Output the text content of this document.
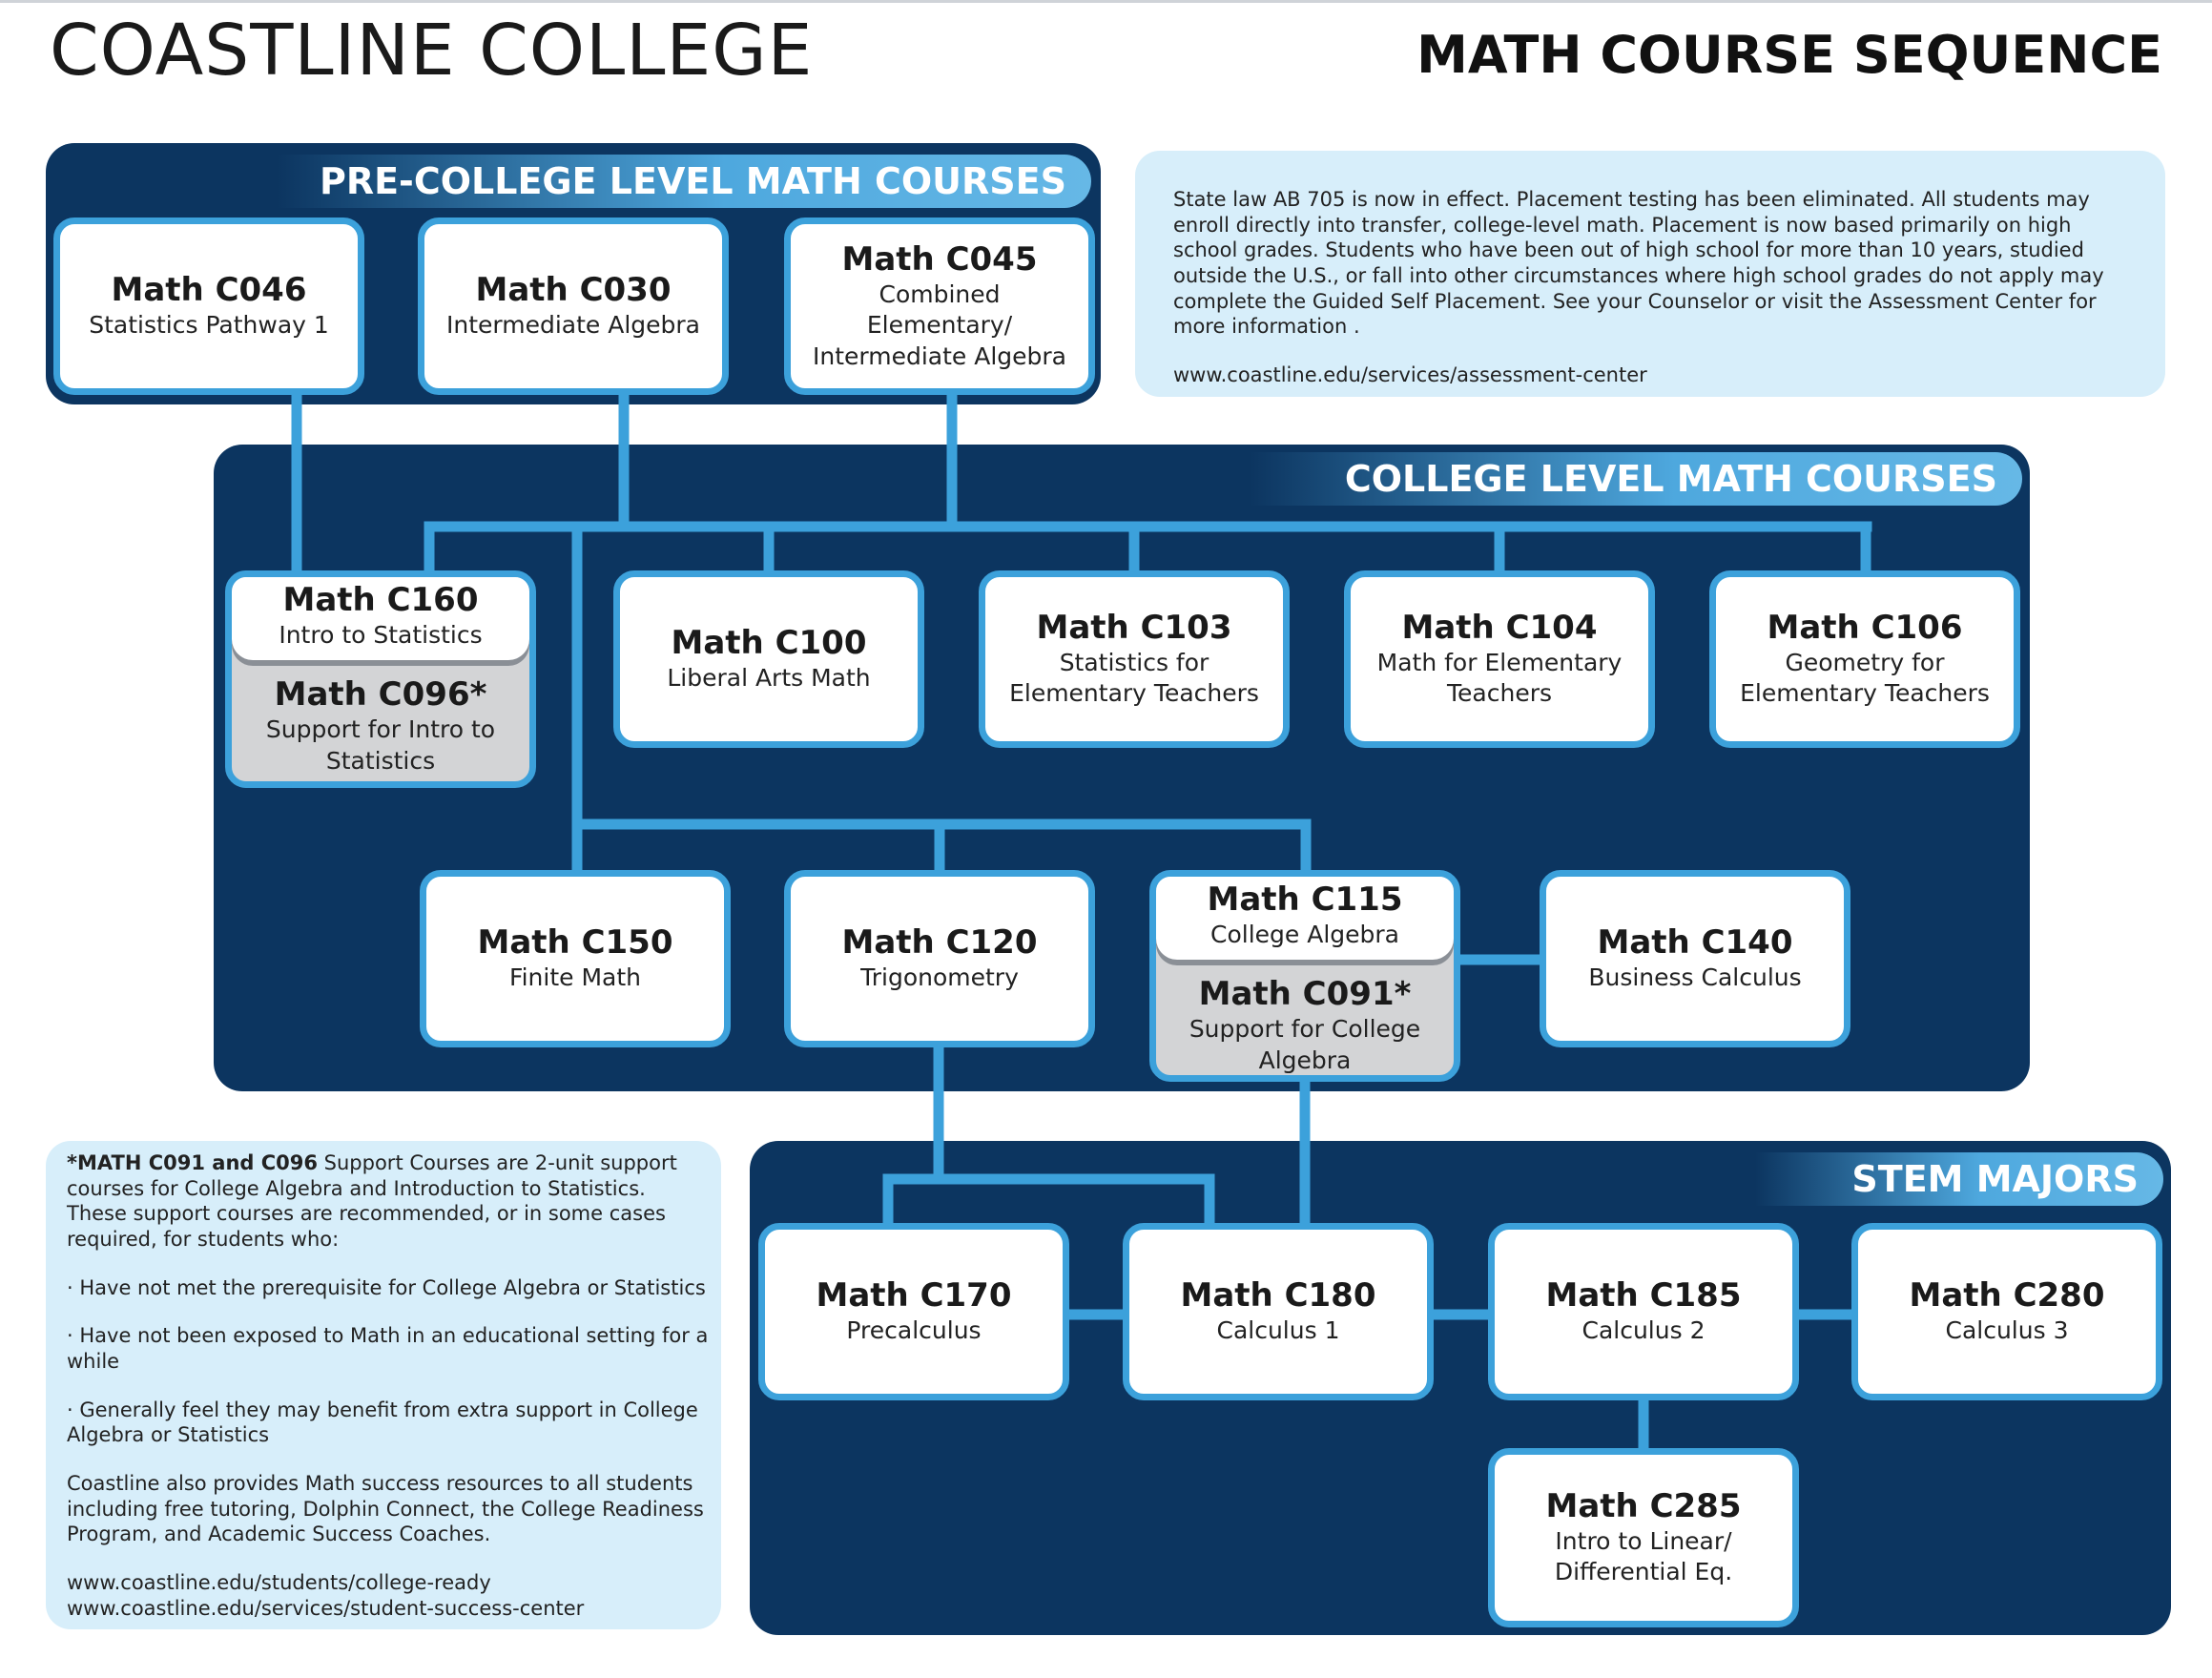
COASTLINE COLLEGE	MATH COURSE SEQUENCE
PRE-COLLEGE LEVEL MATH COURSES
COLLEGE LEVEL MATH COURSES
STEM MAJORS
Math C046
Statistics Pathway 1
Math C030
Intermediate Algebra
Math C045
Combined Elementary/ Intermediate Algebra
Math C160
Intro to Statistics
Math C096*
Support for Intro to Statistics
Math C100
Liberal Arts Math
Math C103
Statistics for Elementary Teachers
Math C104
Math for Elementary Teachers
Math C106
Geometry for Elementary Teachers
Math C150
Finite Math
Math C120
Trigonometry
Math C115
College Algebra
Math C091*
Support for College Algebra
Math C140
Business Calculus
Math C170
Precalculus
Math C180
Calculus 1
Math C185
Calculus 2
Math C280
Calculus 3
Math C285
Intro to Linear/ Differential Eq.

State law AB 705 is now in effect. Placement testing has been eliminated. All students may enroll directly into transfer, college-level math. Placement is now based primarily on high school grades. Students who have been out of high school for more than 10 years, studied outside the U.S., or fall into other circumstances where high school grades do not apply may complete the Guided Self Placement. See your Counselor or visit the Assessment Center for more information .

www.coastline.edu/services/assessment-center

*MATH C091 and C096 Support Courses are 2-unit support courses for College Algebra and Introduction to Statistics. These support courses are recommended, or in some cases required, for students who:

· Have not met the prerequisite for College Algebra or Statistics

· Have not been exposed to Math in an educational setting for a while

· Generally feel they may benefit from extra support in College Algebra or Statistics

Coastline also provides Math success resources to all students including free tutoring, Dolphin Connect, the College Readiness Program, and Academic Success Coaches.

www.coastline.edu/students/college-ready

www.coastline.edu/services/student-success-center
